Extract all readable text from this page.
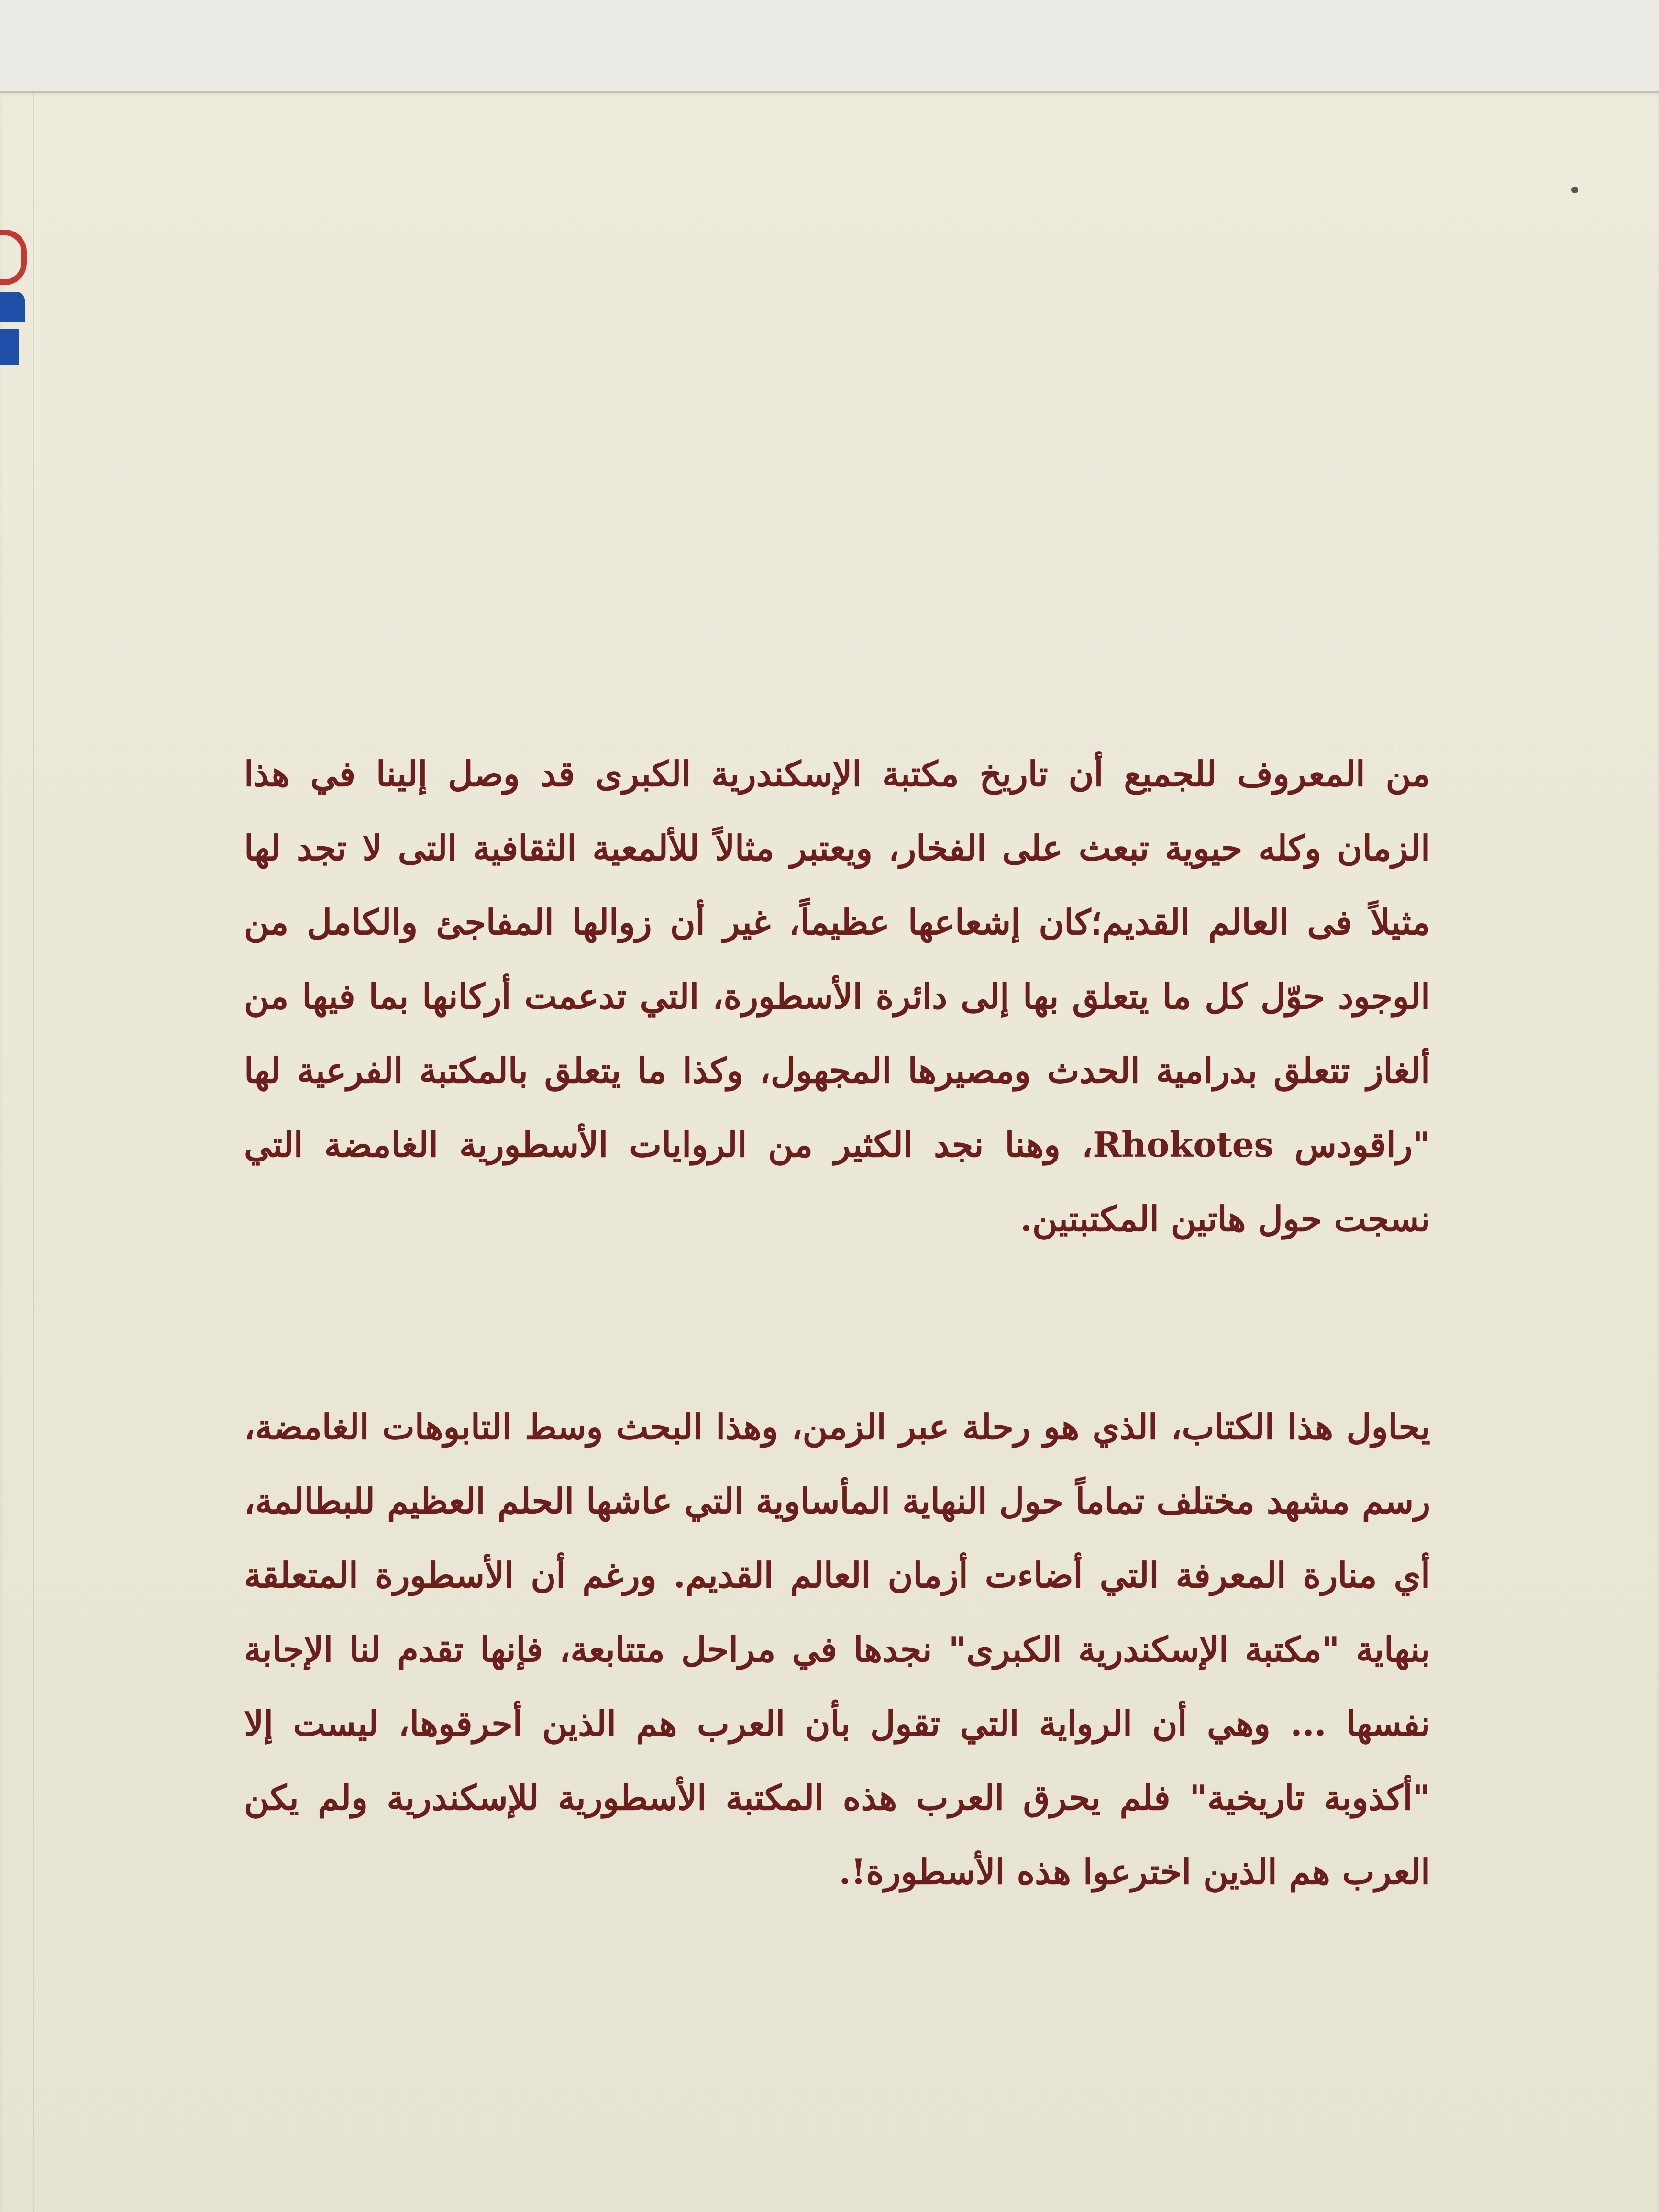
من المعروف للجميع أن تاريخ مكتبة الإسكندرية الكبرى قد وصل إلينا في هذا الزمان وكله حيوية تبعث على الفخار، ويعتبر مثالاً للألمعية الثقافية التى لا تجد لها مثيلاً فى العالم القديم؛كان إشعاعها عظيماً، غير أن زوالها المفاجئ والكامل من الوجود حوّل كل ما يتعلق بها إلى دائرة الأسطورة، التي تدعمت أركانها بما فيها من ألغاز تتعلق بدرامية الحدث ومصيرها المجهول، وكذا ما يتعلق بالمكتبة الفرعية لها "راقودس Rhokotes، وهنا نجد الكثير من الروايات الأسطورية الغامضة التي نسجت حول هاتين المكتبتين.

يحاول هذا الكتاب، الذي هو رحلة عبر الزمن، وهذا البحث وسط التابوهات الغامضة، رسم مشهد مختلف تماماً حول النهاية المأساوية التي عاشها الحلم العظيم للبطالمة، أي منارة المعرفة التي أضاءت أزمان العالم القديم. ورغم أن الأسطورة المتعلقة بنهاية "مكتبة الإسكندرية الكبرى" نجدها في مراحل متتابعة، فإنها تقدم لنا الإجابة نفسها ... وهي أن الرواية التي تقول بأن العرب هم الذين أحرقوها، ليست إلا "أكذوبة تاريخية" فلم يحرق العرب هذه المكتبة الأسطورية للإسكندرية ولم يكن العرب هم الذين اخترعوا هذه الأسطورة!.
